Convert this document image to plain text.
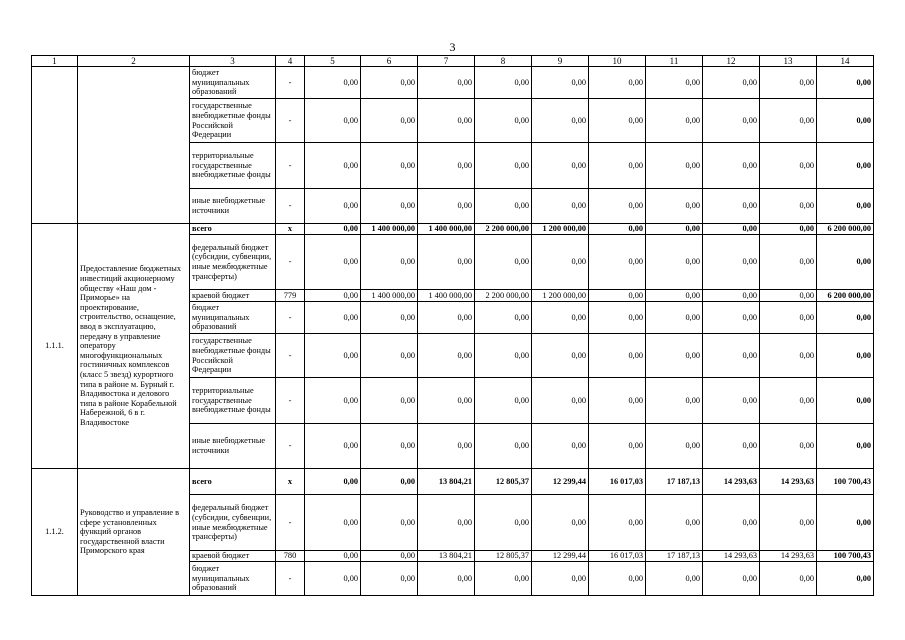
3
1	2	3	4	5	6	7	8	9	10	11	12	13	14
		бюджет муниципальных образований	-	0,00	0,00	0,00	0,00	0,00	0,00	0,00	0,00	0,00	0,00
		государственные внебюджетные фонды Российской Федерации	-	0,00	0,00	0,00	0,00	0,00	0,00	0,00	0,00	0,00	0,00
		территориальные государственные внебюджетные фонды	-	0,00	0,00	0,00	0,00	0,00	0,00	0,00	0,00	0,00	0,00
		иные внебюджетные источники	-	0,00	0,00	0,00	0,00	0,00	0,00	0,00	0,00	0,00	0,00
1.1.1.	Предоставление бюджетных инвестиций акционерному обществу «Наш дом - Приморье» на проектирование, строительство, оснащение, ввод в эксплуатацию, передачу в управление оператору многофункциональных гостиничных комплексов (класс 5 звезд) курортного типа в районе м. Бурный г. Владивостока и делового типа в районе Корабельной Набережной, 6 в г. Владивостоке	всего	x	0,00	1 400 000,00	1 400 000,00	2 200 000,00	1 200 000,00	0,00	0,00	0,00	0,00	6 200 000,00
		федеральный бюджет (субсидии, субвенции, иные межбюджетные трансферты)	-	0,00	0,00	0,00	0,00	0,00	0,00	0,00	0,00	0,00	0,00
		краевой бюджет	779	0,00	1 400 000,00	1 400 000,00	2 200 000,00	1 200 000,00	0,00	0,00	0,00	0,00	6 200 000,00
		бюджет муниципальных образований	-	0,00	0,00	0,00	0,00	0,00	0,00	0,00	0,00	0,00	0,00
		государственные внебюджетные фонды Российской Федерации	-	0,00	0,00	0,00	0,00	0,00	0,00	0,00	0,00	0,00	0,00
		территориальные государственные внебюджетные фонды	-	0,00	0,00	0,00	0,00	0,00	0,00	0,00	0,00	0,00	0,00
		иные внебюджетные источники	-	0,00	0,00	0,00	0,00	0,00	0,00	0,00	0,00	0,00	0,00
1.1.2.	Руководство и управление в сфере установленных функций органов государственной власти Приморского края	всего	x	0,00	0,00	13 804,21	12 805,37	12 299,44	16 017,03	17 187,13	14 293,63	14 293,63	100 700,43
		федеральный бюджет (субсидии, субвенции, иные межбюджетные трансферты)	-	0,00	0,00	0,00	0,00	0,00	0,00	0,00	0,00	0,00	0,00
		краевой бюджет	780	0,00	0,00	13 804,21	12 805,37	12 299,44	16 017,03	17 187,13	14 293,63	14 293,63	100 700,43
		бюджет муниципальных образований	-	0,00	0,00	0,00	0,00	0,00	0,00	0,00	0,00	0,00	0,00
